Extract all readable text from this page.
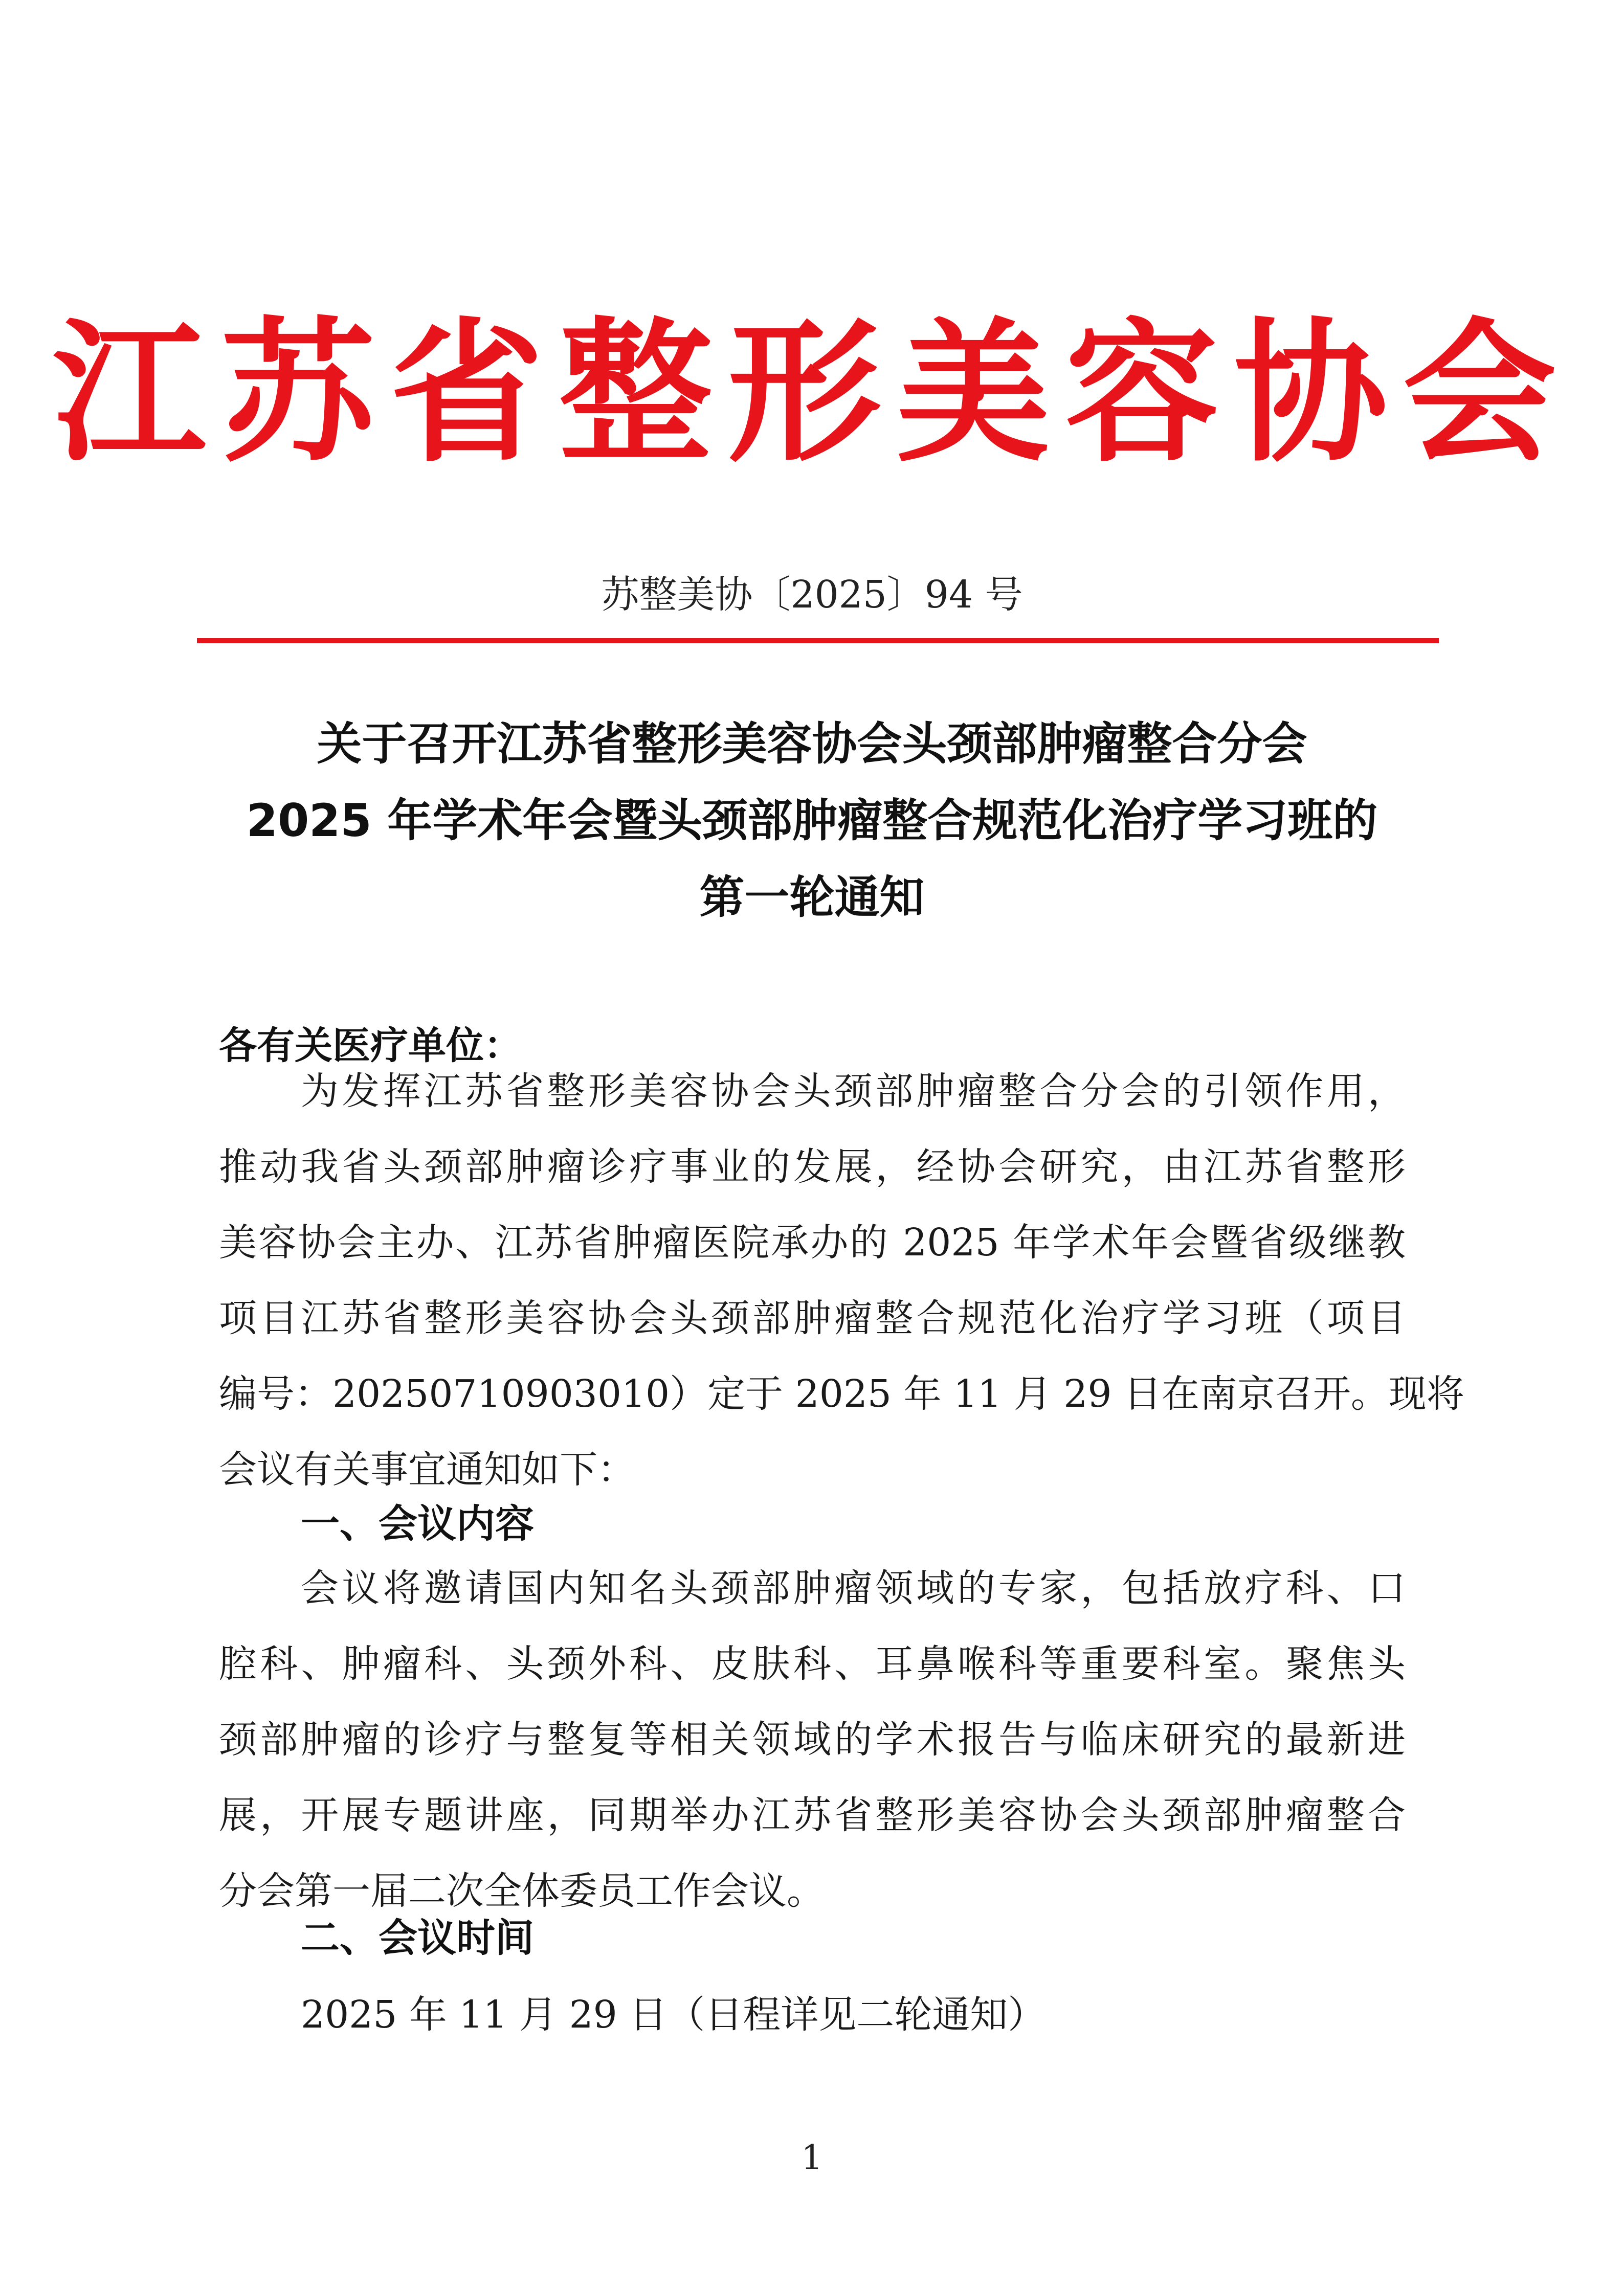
江苏省整形美容协会
苏整美协〔2025〕94 号
关于召开江苏省整形美容协会头颈部肿瘤整合分会
2025 年学术年会暨头颈部肿瘤整合规范化治疗学习班的
第一轮通知
各有关医疗单位：
为发挥江苏省整形美容协会头颈部肿瘤整合分会的引领作用，
推动我省头颈部肿瘤诊疗事业的发展，经协会研究，由江苏省整形
美容协会主办、江苏省肿瘤医院承办的 2025 年学术年会暨省级继教
项目江苏省整形美容协会头颈部肿瘤整合规范化治疗学习班（项目
编号：20250710903010）定于 2025 年 11 月 29 日在南京召开。现将
会议有关事宜通知如下：
一、会议内容
会议将邀请国内知名头颈部肿瘤领域的专家，包括放疗科、口
腔科、肿瘤科、头颈外科、皮肤科、耳鼻喉科等重要科室。聚焦头
颈部肿瘤的诊疗与整复等相关领域的学术报告与临床研究的最新进
展，开展专题讲座，同期举办江苏省整形美容协会头颈部肿瘤整合
分会第一届二次全体委员工作会议。
二、会议时间
2025 年 11 月 29 日（日程详见二轮通知）
1
